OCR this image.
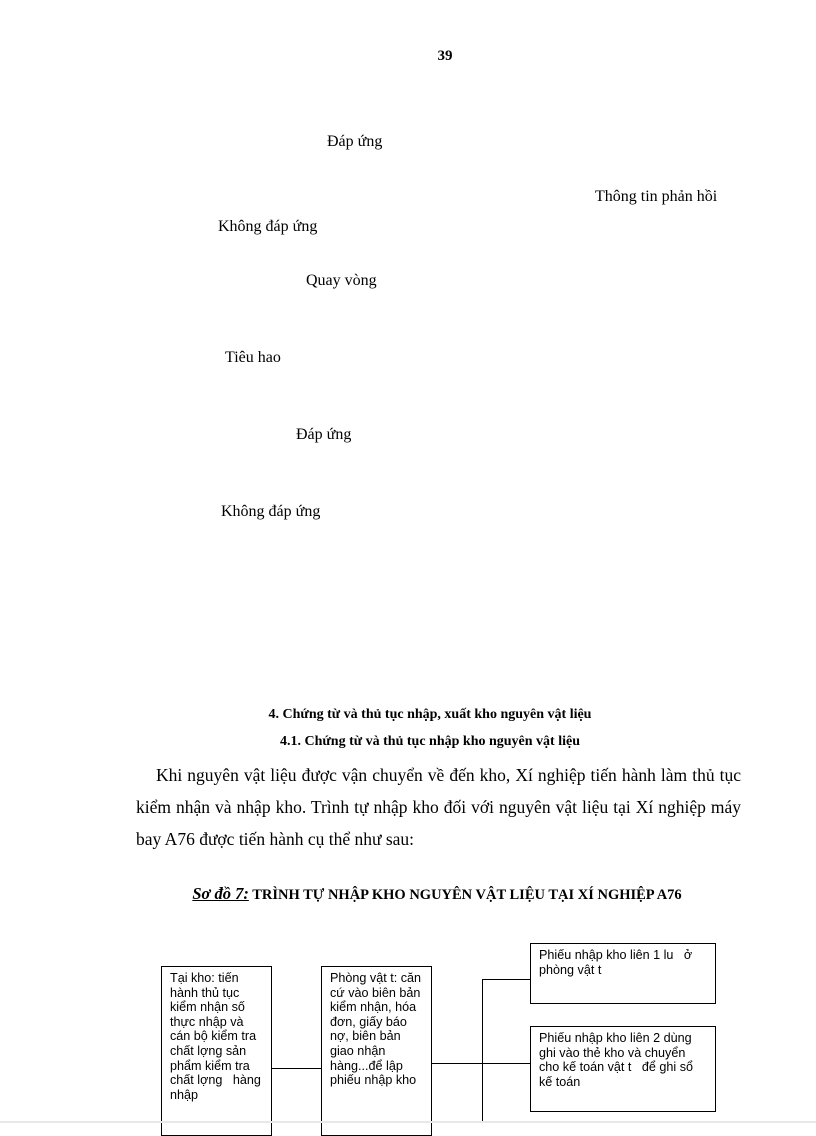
39
Đáp ứng
Thông tin phản hồi
Không đáp ứng
Quay vòng
Tiêu hao
Đáp ứng
Không đáp ứng
4. Chứng từ và thủ tục nhập, xuất kho nguyên vật liệu
4.1. Chứng từ và thủ tục nhập kho nguyên vật liệu
Khi nguyên vật liệu được vận chuyển về đến kho, Xí nghiệp tiến hành làm thủ tục kiểm nhận và nhập kho. Trình tự nhập kho đối với nguyên vật liệu tại Xí nghiệp máy bay A76 được tiến hành cụ thể như sau:
Sơ đồ 7: TRÌNH TỰ NHẬP KHO NGUYÊN VẬT LIỆU TẠI XÍ NGHIỆP A76
Tại kho: tiến hành thủ tục kiểm nhận số thực nhập và cán bộ kiểm tra chất lợng sản phẩm kiểm tra chất lợng   hàng nhập
Phòng vật t: căn cứ vào biên bản kiểm nhận, hóa đơn, giấy báo nợ, biên bản giao nhận hàng...để lập phiếu nhập kho
Phiếu nhập kho liên 1 lu   ở phòng vật t
Phiếu nhập kho liên 2 dùng ghi vào thẻ kho và chuyển cho kế toán vật t   để ghi sổ kế toán
